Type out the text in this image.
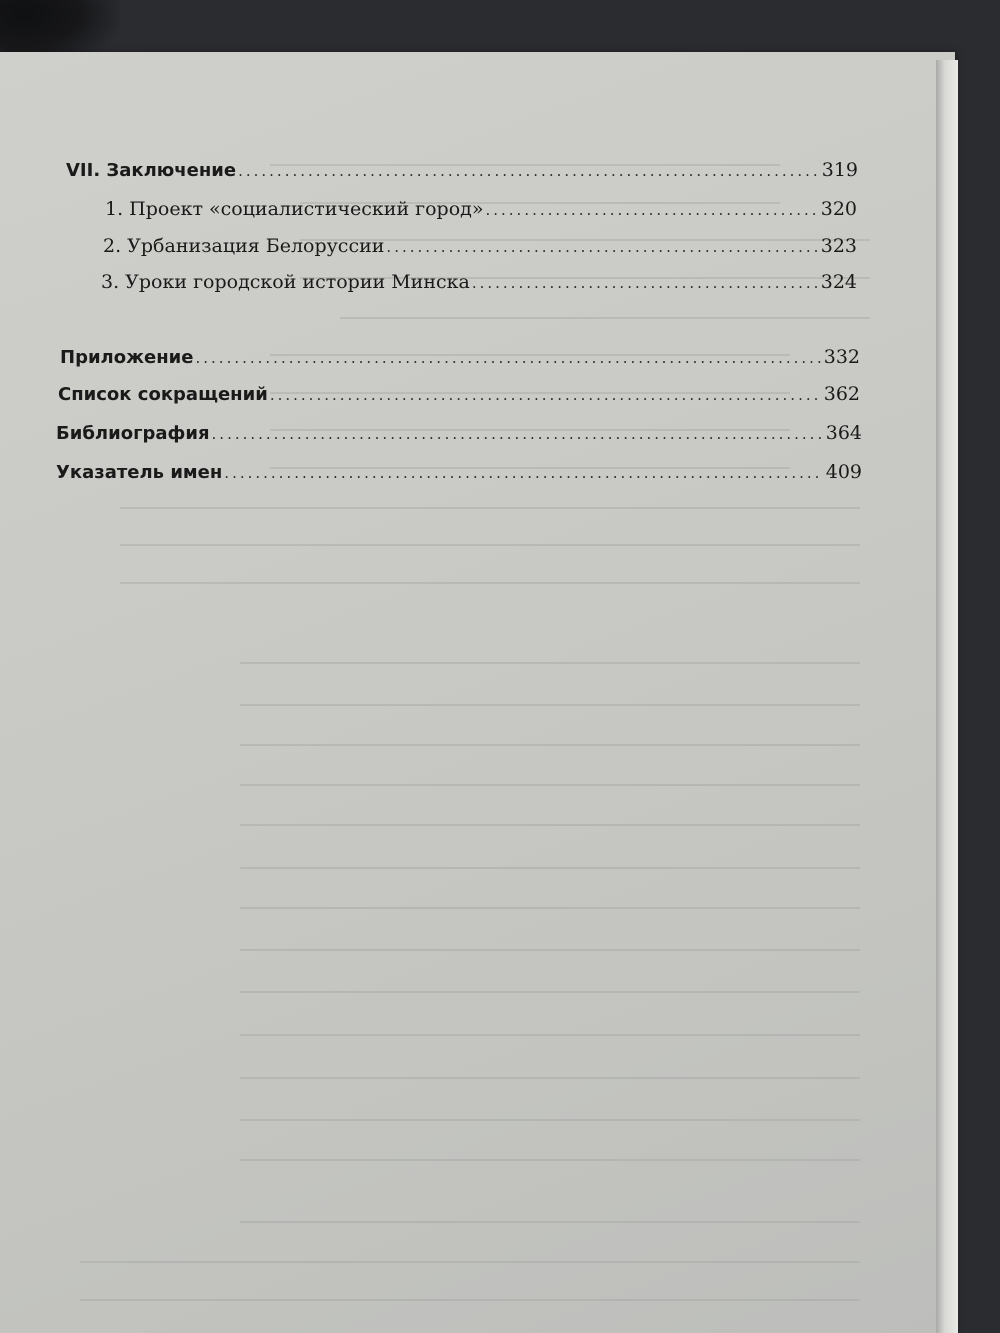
VII. Заключение .....	319
1. Проект «социалистический город» .....	320
2. Урбанизация Белоруссии .....	323
3. Уроки городской истории Минска .....	324
Приложение .....	332
Список сокращений .....	362
Библиография .....	364
Указатель имен .....	409
